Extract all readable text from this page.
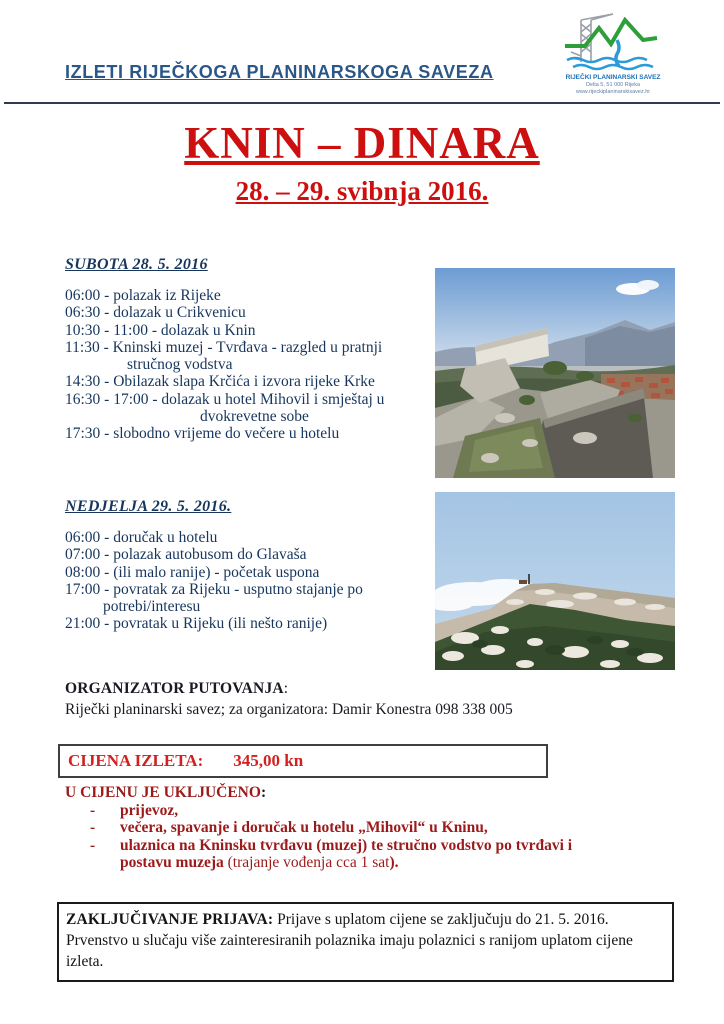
IZLETI RIJEČKOGA PLANINARSKOGA SAVEZA	RIJEČKI PLANINARSKI SAVEZ
Delta 5, 51 000 Rijeka
www.rijeckiplaninarskisavez.hr
KNIN – DINARA
28. – 29. svibnja 2016.
SUBOTA 28. 5. 2016
06:00 - polazak iz Rijeke
06:30 - dolazak u Crikvenicu
10:30 - 11:00 - dolazak u Knin
11:30 - Kninski muzej - Tvrđava - razgled u pratnji
stručnog vodstva
14:30 - Obilazak slapa Krčića i izvora rijeke Krke
16:30 - 17:00 - dolazak u hotel Mihovil i smještaj u
dvokrevetne sobe
17:30 - slobodno vrijeme do večere u hotelu
NEDJELJA 29. 5. 2016.
06:00 - doručak u hotelu
07:00 - polazak autobusom do Glavaša
08:00 - (ili malo ranije) - početak uspona
17:00 - povratak za Rijeku - usputno stajanje po
potrebi/interesu
21:00 - povratak u Rijeku (ili nešto ranije)
ORGANIZATOR PUTOVANJA:
Riječki planinarski savez; za organizatora: Damir Konestra 098 338 005
CIJENA IZLETA: 345,00 kn
U CIJENU JE UKLJUČENO:
- prijevoz,
- večera, spavanje i doručak u hotelu „Mihovil“ u Kninu,
- ulaznica na Kninsku tvrđavu (muzej) te stručno vodstvo po tvrđavi i postavu muzeja (trajanje vođenja cca 1 sat).
ZAKLJUČIVANJE PRIJAVA: Prijave s uplatom cijene se zaključuju do 21. 5. 2016. Prvenstvo u slučaju više zainteresiranih polaznika imaju polaznici s ranijom uplatom cijene izleta.
